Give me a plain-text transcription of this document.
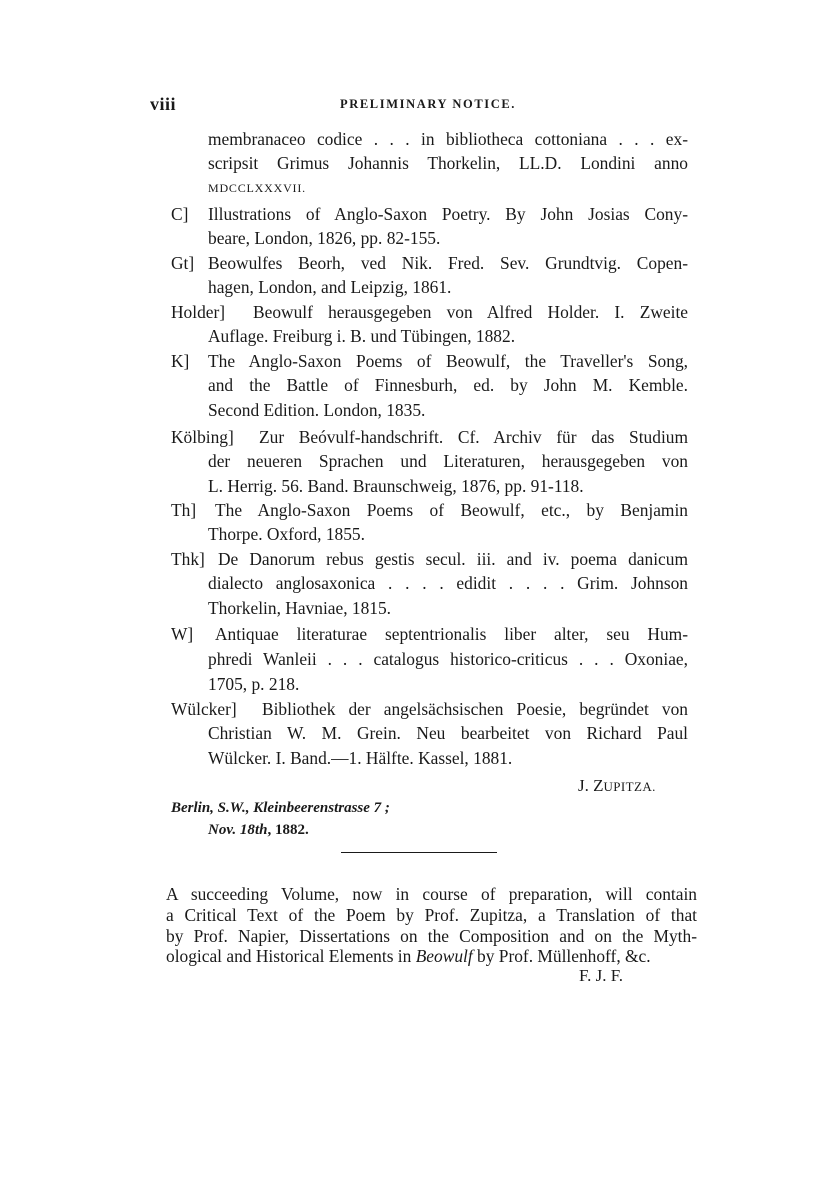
viii	PRELIMINARY NOTICE.
membranaceo codice . . . in bibliotheca cottoniana . . . ex-
scripsit Grimus Johannis Thorkelin, LL.D. Londini anno
MDCCLXXXVII.
C] Illustrations of Anglo-Saxon Poetry. By John Josias Cony-
beare, London, 1826, pp. 82-155.
Gt] Beowulfes Beorh, ved Nik. Fred. Sev. Grundtvig. Copen-
hagen, London, and Leipzig, 1861.
Holder] Beowulf herausgegeben von Alfred Holder. I. Zweite
Auflage. Freiburg i. B. und Tübingen, 1882.
K] The Anglo-Saxon Poems of Beowulf, the Traveller's Song,
and the Battle of Finnesburh, ed. by John M. Kemble.
Second Edition. London, 1835.
Kölbing] Zur Beóvulf-handschrift. Cf. Archiv für das Studium
der neueren Sprachen und Literaturen, herausgegeben von
L. Herrig. 56. Band. Braunschweig, 1876, pp. 91-118.
Th] The Anglo-Saxon Poems of Beowulf, etc., by Benjamin
Thorpe. Oxford, 1855.
Thk] De Danorum rebus gestis secul. iii. and iv. poema danicum
dialecto anglosaxonica . . . . edidit . . . . Grim. Johnson
Thorkelin, Havniae, 1815.
W] Antiquae literaturae septentrionalis liber alter, seu Hum-
phredi Wanleii . . . catalogus historico-criticus . . . Oxoniae,
1705, p. 218.
Wülcker] Bibliothek der angelsächsischen Poesie, begründet von
Christian W. M. Grein. Neu bearbeitet von Richard Paul
Wülcker. I. Band.—1. Hälfte. Kassel, 1881.
J. ZUPITZA.
Berlin, S.W., Kleinbeerenstrasse 7 ;
Nov. 18th, 1882.
A succeeding Volume, now in course of preparation, will contain
a Critical Text of the Poem by Prof. Zupitza, a Translation of that
by Prof. Napier, Dissertations on the Composition and on the Myth-
ological and Historical Elements in Beowulf by Prof. Müllenhoff, &c.
F. J. F.
